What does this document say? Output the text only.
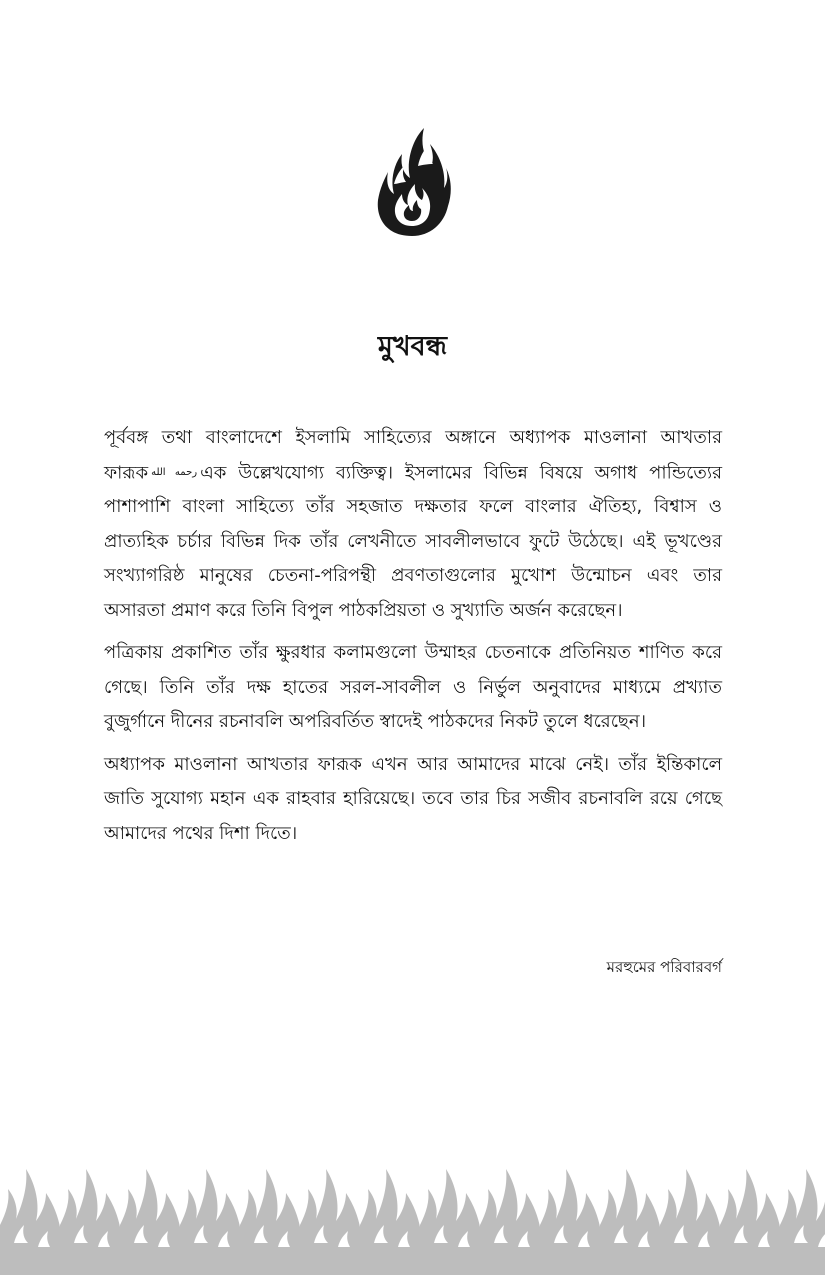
মুখবন্ধ

পূর্ববঙ্গ তথা বাংলাদেশে ইসলামি সাহিত্যের অঙ্গানে অধ্যাপক মাওলানা আখতার ফারূক رحمه الله এক উল্লেখযোগ্য ব্যক্তিত্ব। ইসলামের বিভিন্ন বিষয়ে অগাধ পান্ডিত্যের পাশাপাশি বাংলা সাহিত্যে তাঁর সহজাত দক্ষতার ফলে বাংলার ঐতিহ্য, বিশ্বাস ও প্রাত্যহিক চর্চার বিভিন্ন দিক তাঁর লেখনীতে সাবলীলভাবে ফুটে উঠেছে। এই ভূখণ্ডের সংখ্যাগরিষ্ঠ মানুষের চেতনা-পরিপন্থী প্রবণতাগুলোর মুখোশ উন্মোচন এবং তার অসারতা প্রমাণ করে তিনি বিপুল পাঠকপ্রিয়তা ও সুখ্যাতি অর্জন করেছেন।

পত্রিকায় প্রকাশিত তাঁর ক্ষুরধার কলামগুলো উম্মাহর চেতনাকে প্রতিনিয়ত শাণিত করে গেছে। তিনি তাঁর দক্ষ হাতের সরল-সাবলীল ও নির্ভুল অনুবাদের মাধ্যমে প্রখ্যাত বুজুর্গানে দীনের রচনাবলি অপরিবর্তিত স্বাদেই পাঠকদের নিকট তুলে ধরেছেন।

অধ্যাপক মাওলানা আখতার ফারূক এখন আর আমাদের মাঝে নেই। তাঁর ইন্তিকালে জাতি সুযোগ্য মহান এক রাহবার হারিয়েছে। তবে তার চির সজীব রচনাবলি রয়ে গেছে আমাদের পথের দিশা দিতে।

মরহুমের পরিবারবর্গ
